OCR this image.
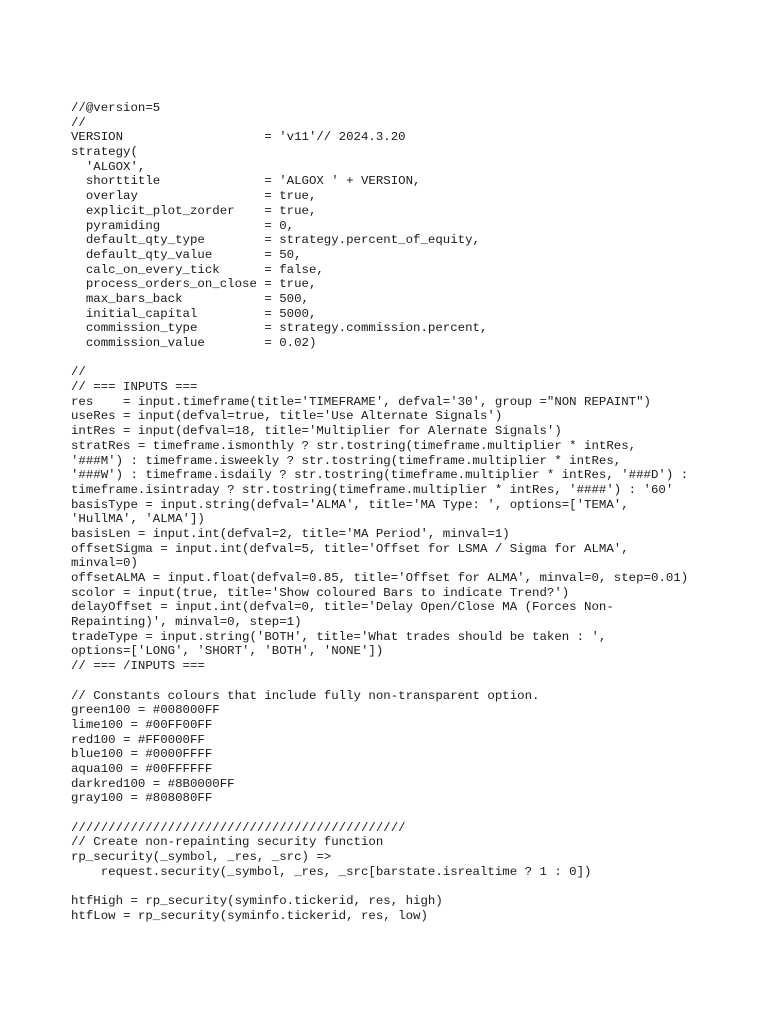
//@version=5
//
VERSION                   = 'v11'// 2024.3.20
strategy(
'ALGOX',
shorttitle              = 'ALGOX ' + VERSION,
overlay                 = true,
explicit_plot_zorder    = true,
pyramiding              = 0,
default_qty_type        = strategy.percent_of_equity,
default_qty_value       = 50,
calc_on_every_tick      = false,
process_orders_on_close = true,
max_bars_back           = 500,
initial_capital         = 5000,
commission_type         = strategy.commission.percent,
commission_value        = 0.02)
//
// === INPUTS ===
res    = input.timeframe(title='TIMEFRAME', defval='30', group ="NON REPAINT")
useRes = input(defval=true, title='Use Alternate Signals')
intRes = input(defval=18, title='Multiplier for Alernate Signals')
stratRes = timeframe.ismonthly ? str.tostring(timeframe.multiplier * intRes,
'###M') : timeframe.isweekly ? str.tostring(timeframe.multiplier * intRes,
'###W') : timeframe.isdaily ? str.tostring(timeframe.multiplier * intRes, '###D') :
timeframe.isintraday ? str.tostring(timeframe.multiplier * intRes, '####') : '60'
basisType = input.string(defval='ALMA', title='MA Type: ', options=['TEMA',
'HullMA', 'ALMA'])
basisLen = input.int(defval=2, title='MA Period', minval=1)
offsetSigma = input.int(defval=5, title='Offset for LSMA / Sigma for ALMA',
minval=0)
offsetALMA = input.float(defval=0.85, title='Offset for ALMA', minval=0, step=0.01)
scolor = input(true, title='Show coloured Bars to indicate Trend?')
delayOffset = input.int(defval=0, title='Delay Open/Close MA (Forces Non-
Repainting)', minval=0, step=1)
tradeType = input.string('BOTH', title='What trades should be taken : ',
options=['LONG', 'SHORT', 'BOTH', 'NONE'])
// === /INPUTS ===
// Constants colours that include fully non-transparent option.
green100 = #008000FF
lime100 = #00FF00FF
red100 = #FF0000FF
blue100 = #0000FFFF
aqua100 = #00FFFFFF
darkred100 = #8B0000FF
gray100 = #808080FF
/////////////////////////////////////////////
// Create non-repainting security function
rp_security(_symbol, _res, _src) =>
request.security(_symbol, _res, _src[barstate.isrealtime ? 1 : 0])
htfHigh = rp_security(syminfo.tickerid, res, high)
htfLow = rp_security(syminfo.tickerid, res, low)
